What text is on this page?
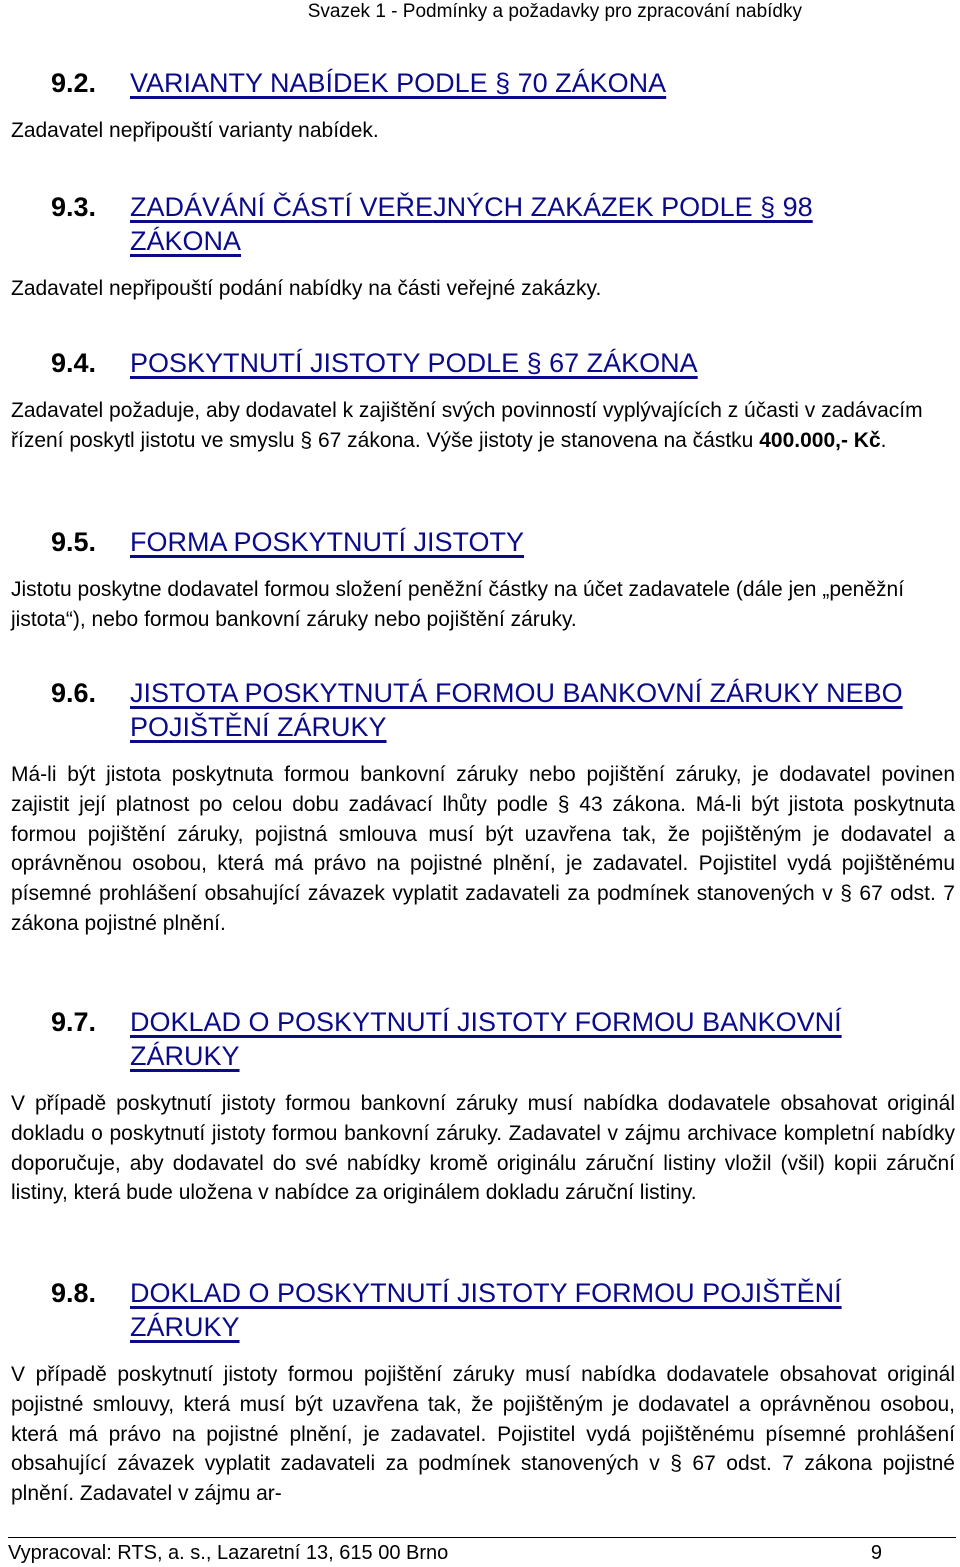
Svazek 1 - Podmínky a požadavky pro zpracování nabídky
9.2. VARIANTY NABÍDEK PODLE § 70 ZÁKONA

Zadavatel nepřipouští varianty nabídek.

9.3. ZADÁVÁNÍ ČÁSTÍ VEŘEJNÝCH ZAKÁZEK PODLE § 98 ZÁKONA

Zadavatel nepřipouští podání nabídky na části veřejné zakázky.

9.4. POSKYTNUTÍ JISTOTY PODLE § 67 ZÁKONA

Zadavatel požaduje, aby dodavatel k zajištění svých povinností vyplývajících z účasti v zadávacím řízení poskytl jistotu ve smyslu § 67 zákona. Výše jistoty je stanovena na částku 400.000,- Kč.

9.5. FORMA POSKYTNUTÍ JISTOTY

Jistotu poskytne dodavatel formou složení peněžní částky na účet zadavatele (dále jen „peněžní jistota“), nebo formou bankovní záruky nebo pojištění záruky.

9.6. JISTOTA POSKYTNUTÁ FORMOU BANKOVNÍ ZÁRUKY NEBO POJIŠTĚNÍ ZÁRUKY

Má-li být jistota poskytnuta formou bankovní záruky nebo pojištění záruky, je dodavatel povinen zajistit její platnost po celou dobu zadávací lhůty podle § 43 zákona. Má-li být jistota poskytnuta formou pojištění záruky, pojistná smlouva musí být uzavřena tak, že pojištěným je dodavatel a oprávněnou osobou, která má právo na pojistné plnění, je zadavatel. Pojistitel vydá pojištěnému písemné prohlášení obsahující závazek vyplatit zadavateli za podmínek stanovených v § 67 odst. 7 zákona pojistné plnění.

9.7. DOKLAD O POSKYTNUTÍ JISTOTY FORMOU BANKOVNÍ ZÁRUKY

V případě poskytnutí jistoty formou bankovní záruky musí nabídka dodavatele obsahovat originál dokladu o poskytnutí jistoty formou bankovní záruky. Zadavatel v zájmu archivace kompletní nabídky doporučuje, aby dodavatel do své nabídky kromě originálu záruční listiny vložil (všil) kopii záruční listiny, která bude uložena v nabídce za originálem dokladu záruční listiny.

9.8. DOKLAD O POSKYTNUTÍ JISTOTY FORMOU POJIŠTĚNÍ ZÁRUKY

V případě poskytnutí jistoty formou pojištění záruky musí nabídka dodavatele obsahovat originál pojistné smlouvy, která musí být uzavřena tak, že pojištěným je dodavatel a oprávněnou osobou, která má právo na pojistné plnění, je zadavatel. Pojistitel vydá pojištěnému písemné prohlášení obsahující závazek vyplatit zadavateli za podmínek stanovených v § 67 odst. 7 zákona pojistné plnění. Zadavatel v zájmu ar-

Vypracoval: RTS, a. s., Lazaretní 13, 615 00 Brno	9
